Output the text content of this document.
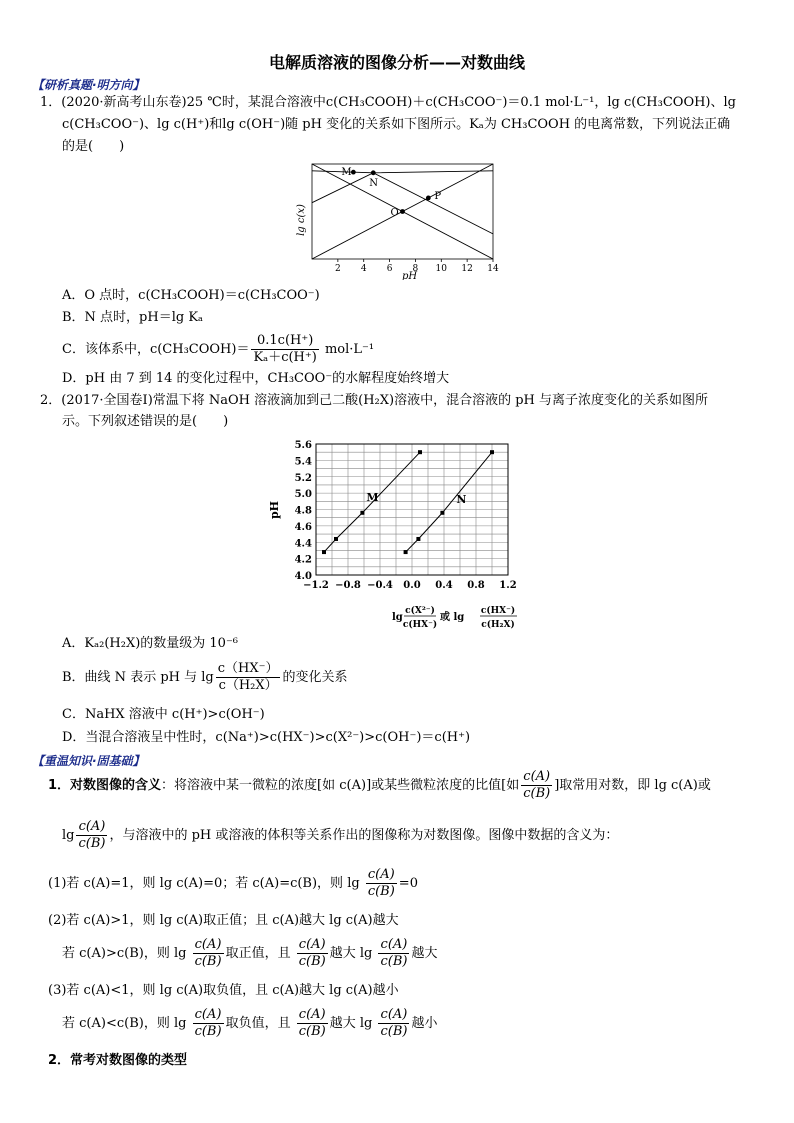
电解质溶液的图像分析——对数曲线
【研析真题·明方向】
1．(2020·新高考山东卷)25 ℃时，某混合溶液中c(CH₃COOH)＋c(CH₃COO⁻)＝0.1 mol·L⁻¹，lg c(CH₃COOH)、lg
c(CH₃COO⁻)、lg c(H⁺)和lg c(OH⁻)随 pH 变化的关系如下图所示。Kₐ为 CH₃COOH 的电离常数，下列说法正确
的是(　　)
2 4 6 8 10 12 14
M
N
O
P
pH
lg c(x)
A．O 点时，c(CH₃COOH)＝c(CH₃COO⁻)
B．N 点时，pH＝lg Kₐ
C．该体系中，c(CH₃COOH)＝ $\frac{0.1c(H^+)}{\text{Kₐ＋c(H⁺)}} mol\cdot L^{-1}$
D．pH 由 7 到 14 的变化过程中，CH₃COO⁻的水解程度始终增大
2．(2017·全国卷Ⅰ)常温下将 NaOH 溶液滴加到己二酸(H₂X)溶液中，混合溶液的 pH 与离子浓度变化的关系如图所
示。下列叙述错误的是(　　)
−1.2 −0.8 −0.4 0.0 0.4 0.8 1.2
4.0
4.2
4.4
4.6
4.8
5.0
5.2
5.4
5.6
M	N
pH
lg
c(X²⁻)
c(HX⁻)
或 lg
c(HX⁻)
c(H₂X)
A．Kₐ₂(H₂X)的数量级为 10⁻⁶
B．曲线 N 表示 pH 与 $\lg \frac{c(HX^-)}{\text{c（H₂X）}}$ 的变化关系
C．NaHX 溶液中 c(H⁺)>c(OH⁻)
D．当混合溶液呈中性时，c(Na⁺)>c(HX⁻)>c(X²⁻)>c(OH⁻)＝c(H⁺)
【重温知识·固基础】
1．对数图像的含义：将溶液中某一微粒的浓度[如 c(A)]或某些微粒浓度的比值[如 $\frac{c(A)}{c(B)}$ ]取常用对数，即 lg c(A)或
$\lg \frac{c(A)}{c(B)}$ ，与溶液中的 pH 或溶液的体积等关系作出的图像称为对数图像。图像中数据的含义为：
(1)若 c(A)=1，则 lg c(A)=0；若 c(A)=c(B)，则 $\lg \frac{c(A)}{c(B)} =0$
(2)若 c(A)>1，则 lg c(A)取正值；且 c(A)越大 lg c(A)越大
若 c(A)>c(B)，则 $\lg \frac{c(A)}{c(B)}$ 取正值，且 $\frac{c(A)}{c(B)}$ 越大 $\lg \frac{c(A)}{c(B)}$ 越大
(3)若 c(A)<1，则 lg c(A)取负值，且 c(A)越大 lg c(A)越小
若 c(A)<c(B)，则 $\lg \frac{c(A)}{c(B)}$ 取负值，且 $\frac{c(A)}{c(B)}$ 越大 $\lg \frac{c(A)}{c(B)}$ 越小
2．常考对数图像的类型
